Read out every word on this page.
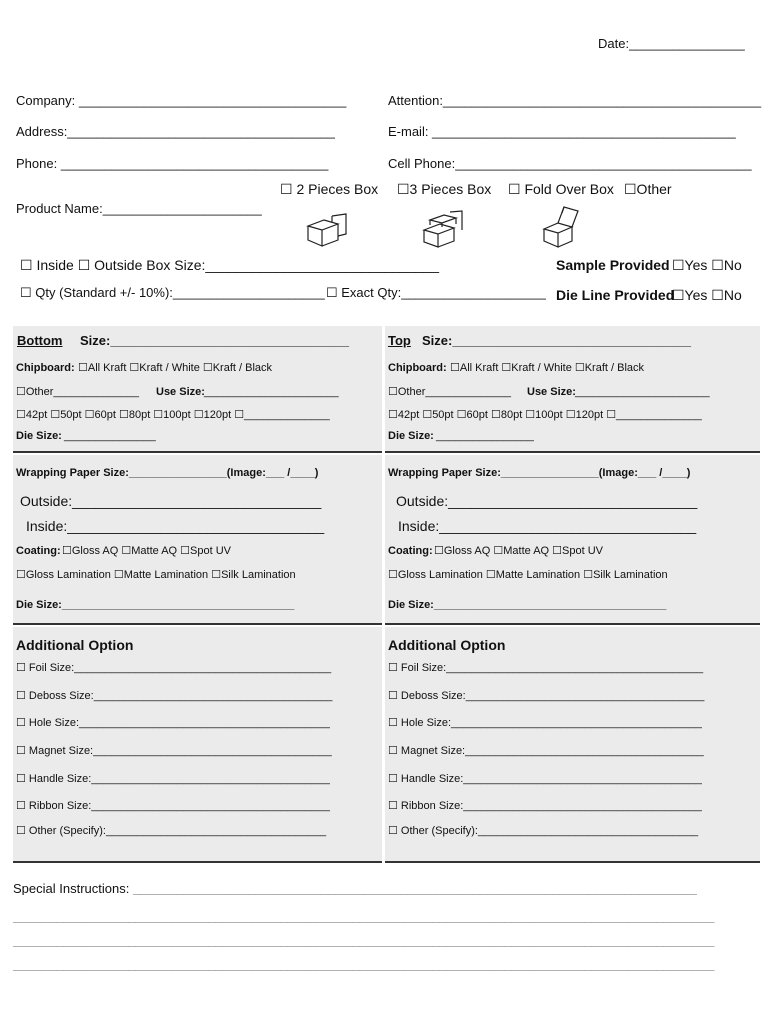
Date:________________
Company: _____________________________________
Address:_____________________________________
Phone: _____________________________________
Attention:____________________________________________
E-mail: __________________________________________
Cell Phone:_________________________________________
Product Name:______________________
☐ 2 Pieces Box ☐3 Pieces Box ☐ Fold Over Box ☐Other
☐ Inside ☐ Outside Box Size:______________________________
☐ Qty (Standard +/- 10%):_____________________ ☐ Exact Qty:____________________
Sample Provided ☐Yes ☐No
Die Line Provided
☐Yes ☐No
Bottom Size:_________________________________
Chipboard: ☐All Kraft ☐Kraft / White ☐Kraft / Black
☐Other______________ Use Size: ______________________
☐42pt ☐50pt ☐60pt ☐80pt ☐100pt ☐120pt ☐______________
Die Size: _______________
Top Size:_________________________________
Chipboard: ☐All Kraft ☐Kraft / White ☐Kraft / Black
☐Other______________ Use Size: ______________________
☐42pt ☐50pt ☐60pt ☐80pt ☐100pt ☐120pt ☐______________
Die Size: ________________
Wrapping Paper Size:________________(Image:___ /____)
Outside:________________________________
Inside:_________________________________
Coating: ☐Gloss AQ ☐Matte AQ ☐Spot UV
☐Gloss Lamination ☐Matte Lamination ☐Silk Lamination
Die Size:______________________________________
Wrapping Paper Size:________________(Image:___ /____)
Outside:________________________________
Inside:_________________________________
Coating: ☐Gloss AQ ☐Matte AQ ☐Spot UV
☐Gloss Lamination ☐Matte Lamination ☐Silk Lamination
Die Size:______________________________________
Additional Option
☐ Foil Size:__________________________________________
☐ Deboss Size:_______________________________________
☐ Hole Size:_________________________________________
☐ Magnet Size:_______________________________________
☐ Handle Size:_______________________________________
☐ Ribbon Size:_______________________________________
☐ Other (Specify):____________________________________
Additional Option
☐ Foil Size:__________________________________________
☐ Deboss Size:_______________________________________
☐ Hole Size:_________________________________________
☐ Magnet Size:_______________________________________
☐ Handle Size:_______________________________________
☐ Ribbon Size:_______________________________________
☐ Other (Specify):____________________________________
Special Instructions: ______________________________________________________________________________
_________________________________________________________________________________________________
_________________________________________________________________________________________________
_________________________________________________________________________________________________
